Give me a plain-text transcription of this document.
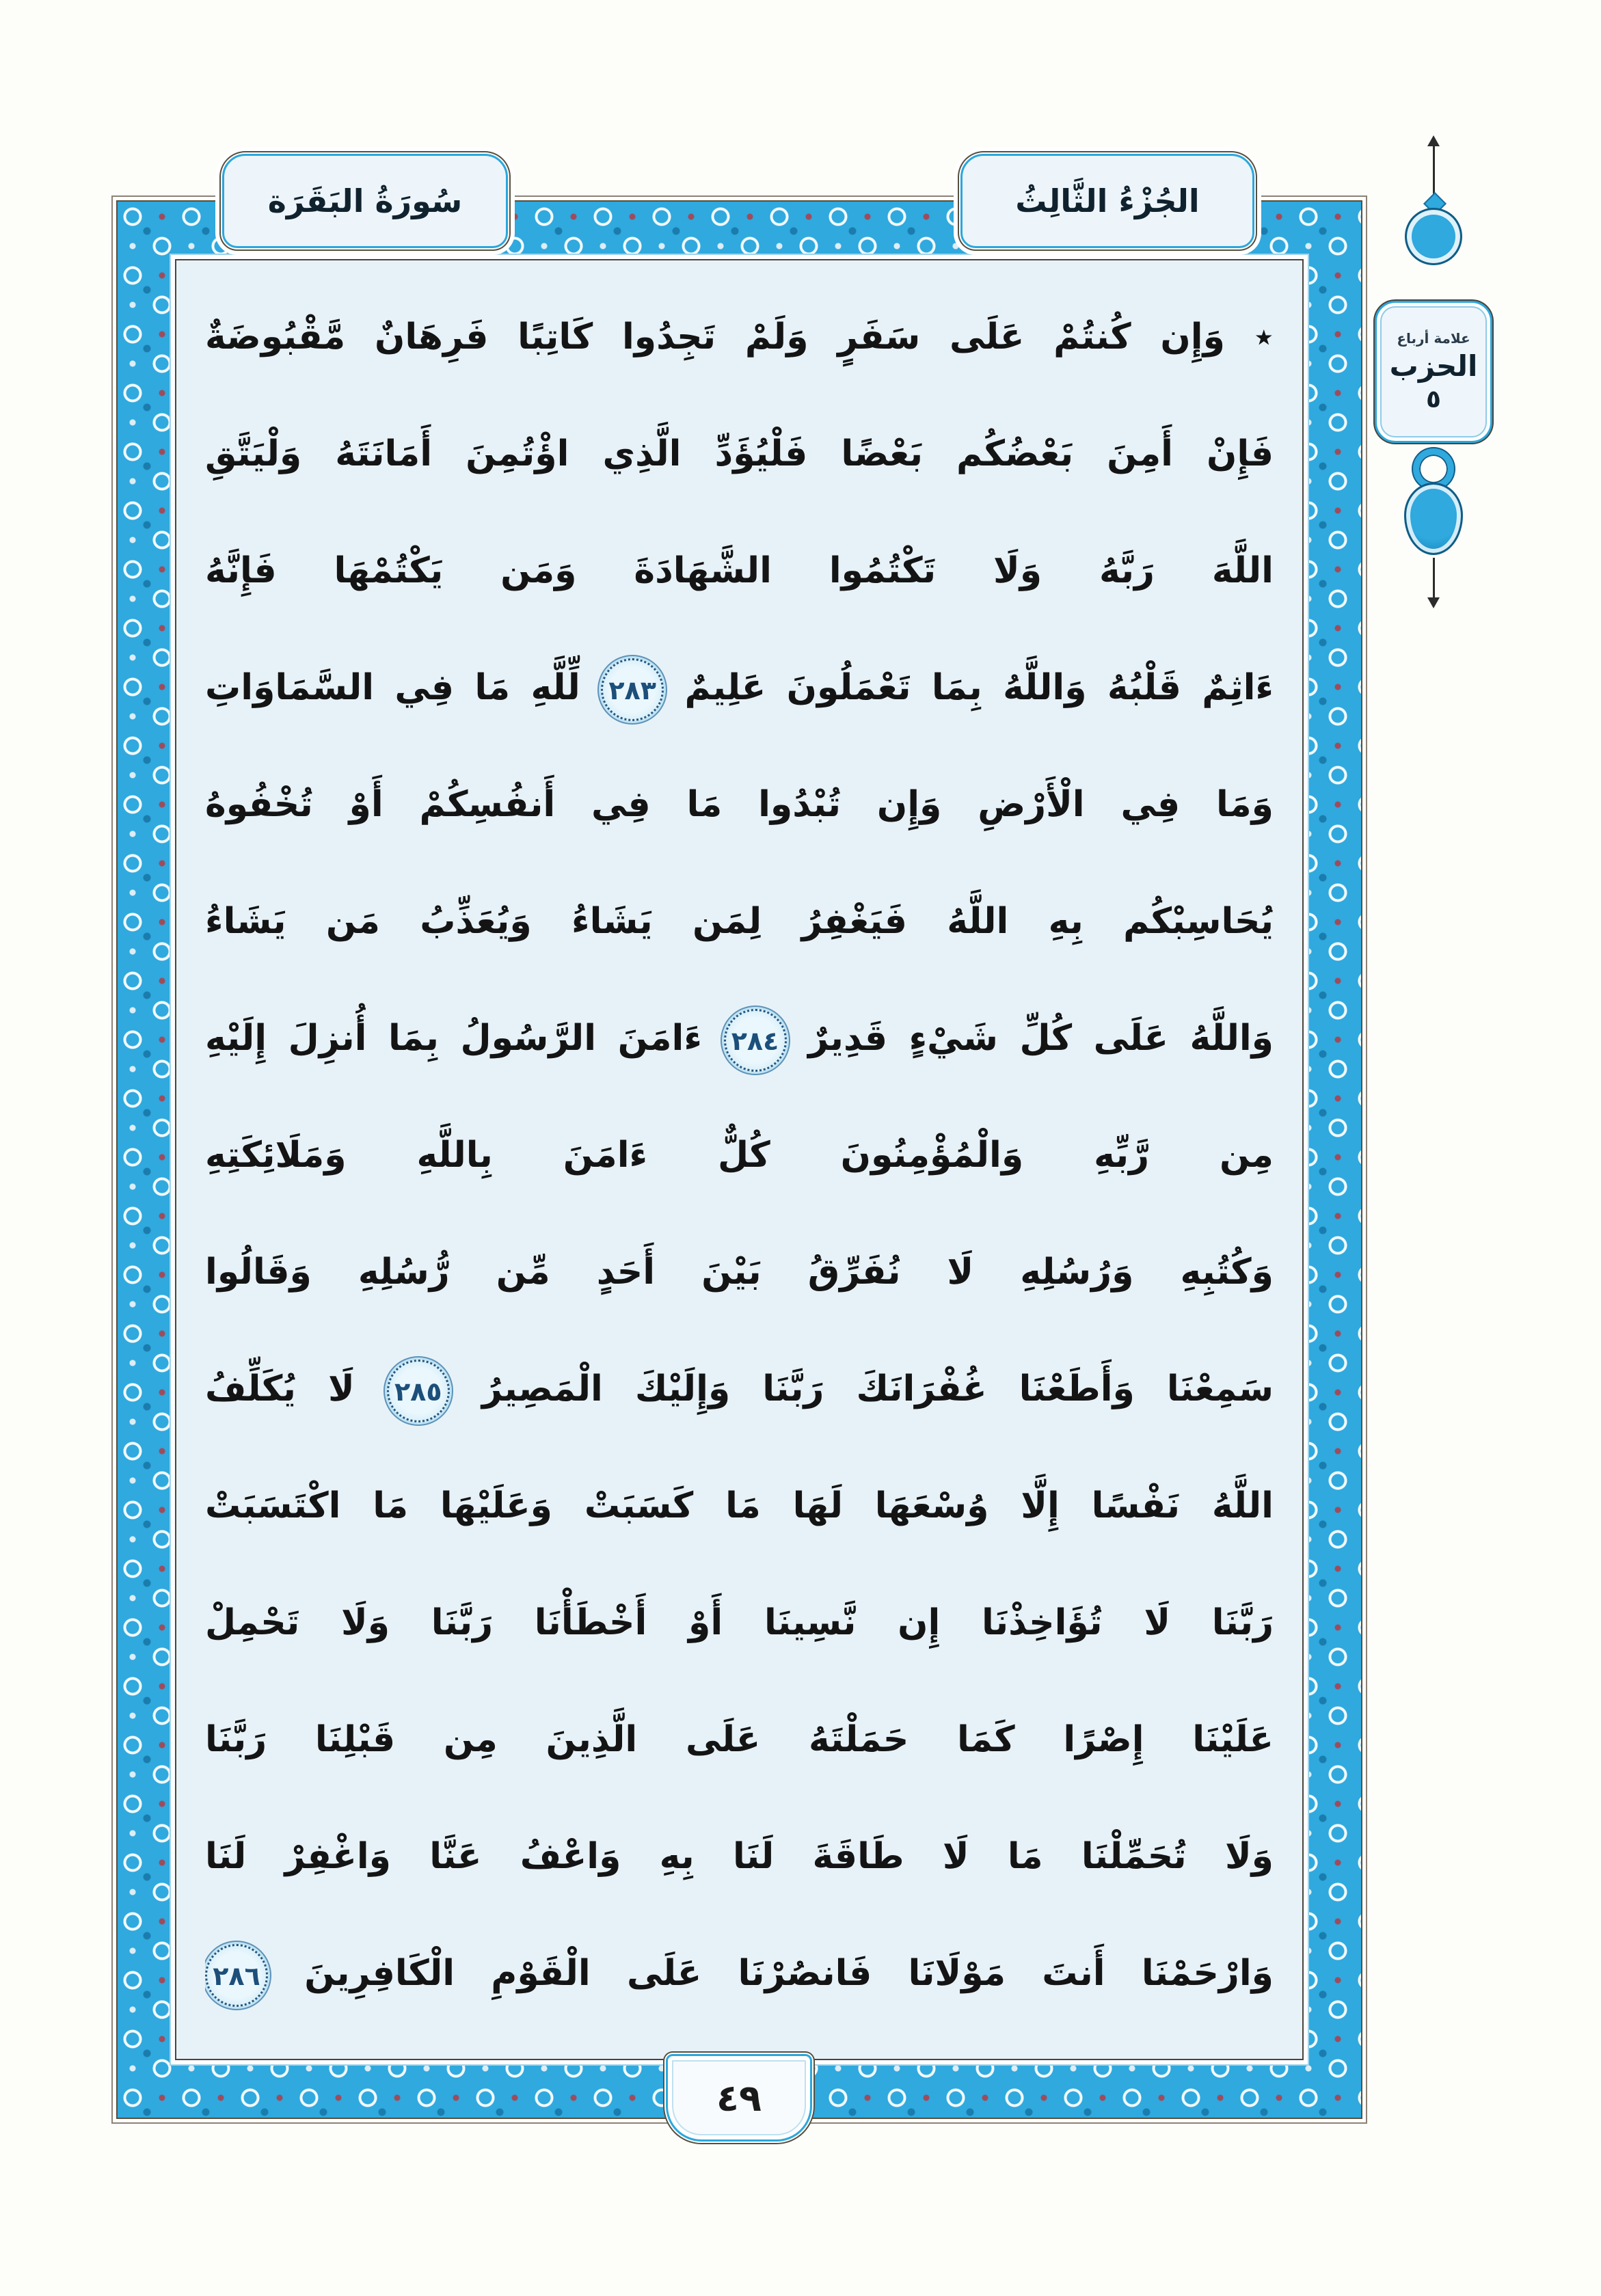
٭ وَإِن كُنتُمْ عَلَى سَفَرٍ وَلَمْ تَجِدُوا كَاتِبًا فَرِهَانٌ مَّقْبُوضَةٌ
فَإِنْ أَمِنَ بَعْضُكُم بَعْضًا فَلْيُؤَدِّ الَّذِي اؤْتُمِنَ أَمَانَتَهُ وَلْيَتَّقِ
اللَّهَ رَبَّهُ وَلَا تَكْتُمُوا الشَّهَادَةَ وَمَن يَكْتُمْهَا فَإِنَّهُ
ءَاثِمٌ قَلْبُهُ وَاللَّهُ بِمَا تَعْمَلُونَ عَلِيمٌ ٢٨٣ لِّلَّهِ مَا فِي السَّمَاوَاتِ
وَمَا فِي الْأَرْضِ وَإِن تُبْدُوا مَا فِي أَنفُسِكُمْ أَوْ تُخْفُوهُ
يُحَاسِبْكُم بِهِ اللَّهُ فَيَغْفِرُ لِمَن يَشَاءُ وَيُعَذِّبُ مَن يَشَاءُ
وَاللَّهُ عَلَى كُلِّ شَيْءٍ قَدِيرٌ ٢٨٤ ءَامَنَ الرَّسُولُ بِمَا أُنزِلَ إِلَيْهِ
مِن رَّبِّهِ وَالْمُؤْمِنُونَ كُلٌّ ءَامَنَ بِاللَّهِ وَمَلَائِكَتِهِ
وَكُتُبِهِ وَرُسُلِهِ لَا نُفَرِّقُ بَيْنَ أَحَدٍ مِّن رُّسُلِهِ وَقَالُوا
سَمِعْنَا وَأَطَعْنَا غُفْرَانَكَ رَبَّنَا وَإِلَيْكَ الْمَصِيرُ ٢٨٥ لَا يُكَلِّفُ
اللَّهُ نَفْسًا إِلَّا وُسْعَهَا لَهَا مَا كَسَبَتْ وَعَلَيْهَا مَا اكْتَسَبَتْ
رَبَّنَا لَا تُؤَاخِذْنَا إِن نَّسِينَا أَوْ أَخْطَأْنَا رَبَّنَا وَلَا تَحْمِلْ
عَلَيْنَا إِصْرًا كَمَا حَمَلْتَهُ عَلَى الَّذِينَ مِن قَبْلِنَا رَبَّنَا
وَلَا تُحَمِّلْنَا مَا لَا طَاقَةَ لَنَا بِهِ وَاعْفُ عَنَّا وَاغْفِرْ لَنَا
وَارْحَمْنَا أَنتَ مَوْلَانَا فَانصُرْنَا عَلَى الْقَوْمِ الْكَافِرِينَ ٢٨٦
سُورَةُ البَقَرَة	الجُزْءُ الثَّالِثُ
علامة أرباع
الحزب
٥
٤٩
